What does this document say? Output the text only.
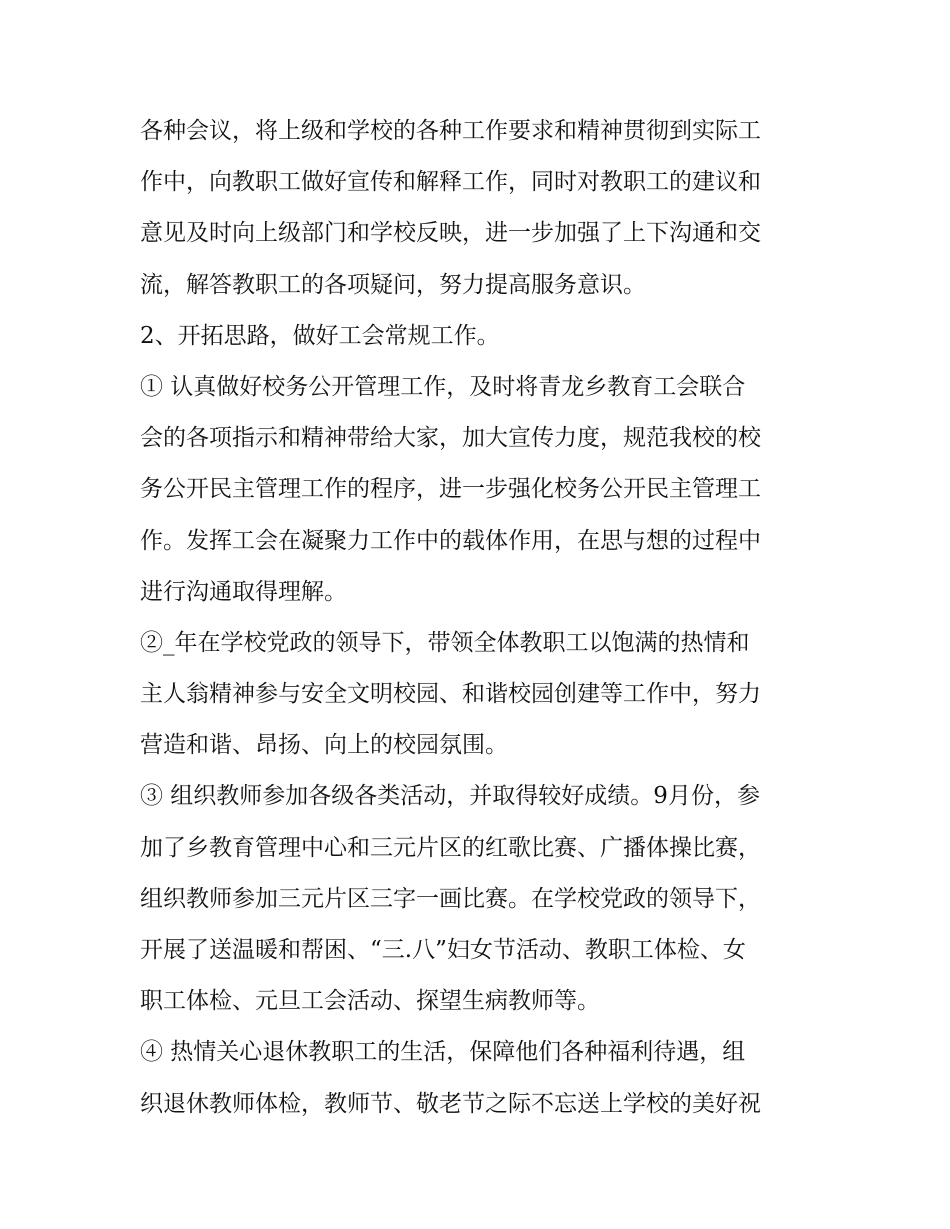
各种会议，将上级和学校的各种工作要求和精神贯彻到实际工
作中，向教职工做好宣传和解释工作，同时对教职工的建议和
意见及时向上级部门和学校反映，进一步加强了上下沟通和交
流，解答教职工的各项疑问，努力提高服务意识。
2、开拓思路，做好工会常规工作。
① 认真做好校务公开管理工作，及时将青龙乡教育工会联合
会的各项指示和精神带给大家，加大宣传力度，规范我校的校
务公开民主管理工作的程序，进一步强化校务公开民主管理工
作。发挥工会在凝聚力工作中的载体作用，在思与想的过程中
进行沟通取得理解。
②_年在学校党政的领导下，带领全体教职工以饱满的热情和
主人翁精神参与安全文明校园、和谐校园创建等工作中，努力
营造和谐、昂扬、向上的校园氛围。
③ 组织教师参加各级各类活动，并取得较好成绩。9月份，参
加了乡教育管理中心和三元片区的红歌比赛、广播体操比赛，
组织教师参加三元片区三字一画比赛。在学校党政的领导下，
开展了送温暖和帮困、“三.八”妇女节活动、教职工体检、女
职工体检、元旦工会活动、探望生病教师等。
④ 热情关心退休教职工的生活，保障他们各种福利待遇，组
织退休教师体检，教师节、敬老节之际不忘送上学校的美好祝
